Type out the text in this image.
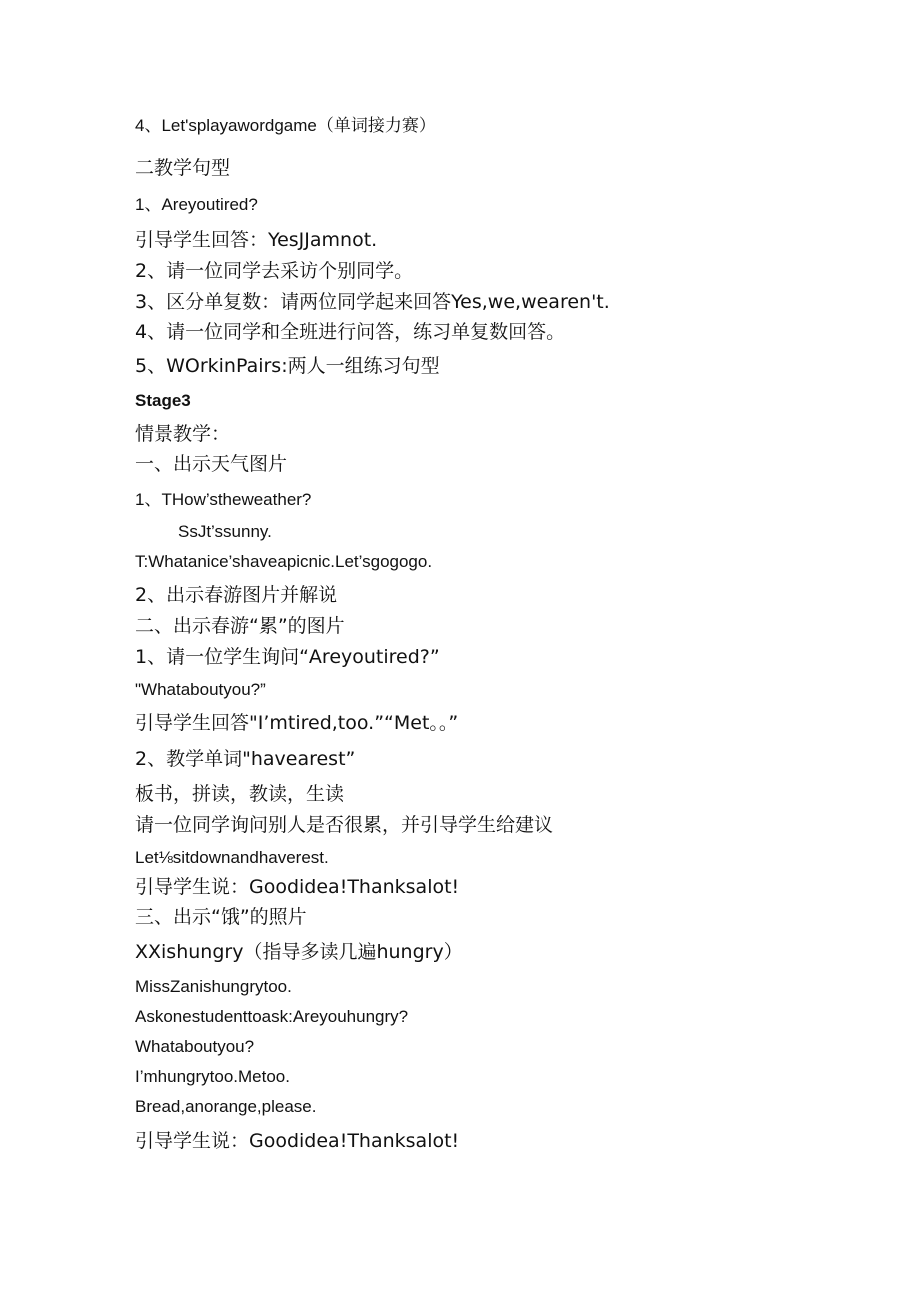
4、Let'splayawordgame（单词接力赛）
二教学句型
1、Areyoutired?
引导学生回答：YesJJamnot.
2、请一位同学去采访个别同学。
3、区分单复数：请两位同学起来回答Yes,we,wearen't.
4、请一位同学和全班进行问答，练习单复数回答。
5、WOrkinPairs:两人一组练习句型
Stage3
情景教学：
一、出示天气图片
1、THow’stheweather?
SsJt’ssunny.
T:Whatanice’shaveapicnic.Let’sgogogo.
2、出示春游图片并解说
二、出示春游“累”的图片
1、请一位学生询问“Areyoutired?”
"Whataboutyou?”
引导学生回答"I’mtired,too.”“Met。。”
2、教学单词"havearest”
板书，拼读，教读，生读
请一位同学询问别人是否很累，并引导学生给建议
Let⅛sitdownandhaverest.
引导学生说：Goodidea!Thanksalot!
三、出示“饿”的照片
XXishungry（指导多读几遍hungry）
MissZanishungrytoo.
Askonestudenttoask:Areyouhungry?
Whataboutyou?
I’mhungrytoo.Metoo.
Bread,anorange,please.
引导学生说：Goodidea!Thanksalot!
